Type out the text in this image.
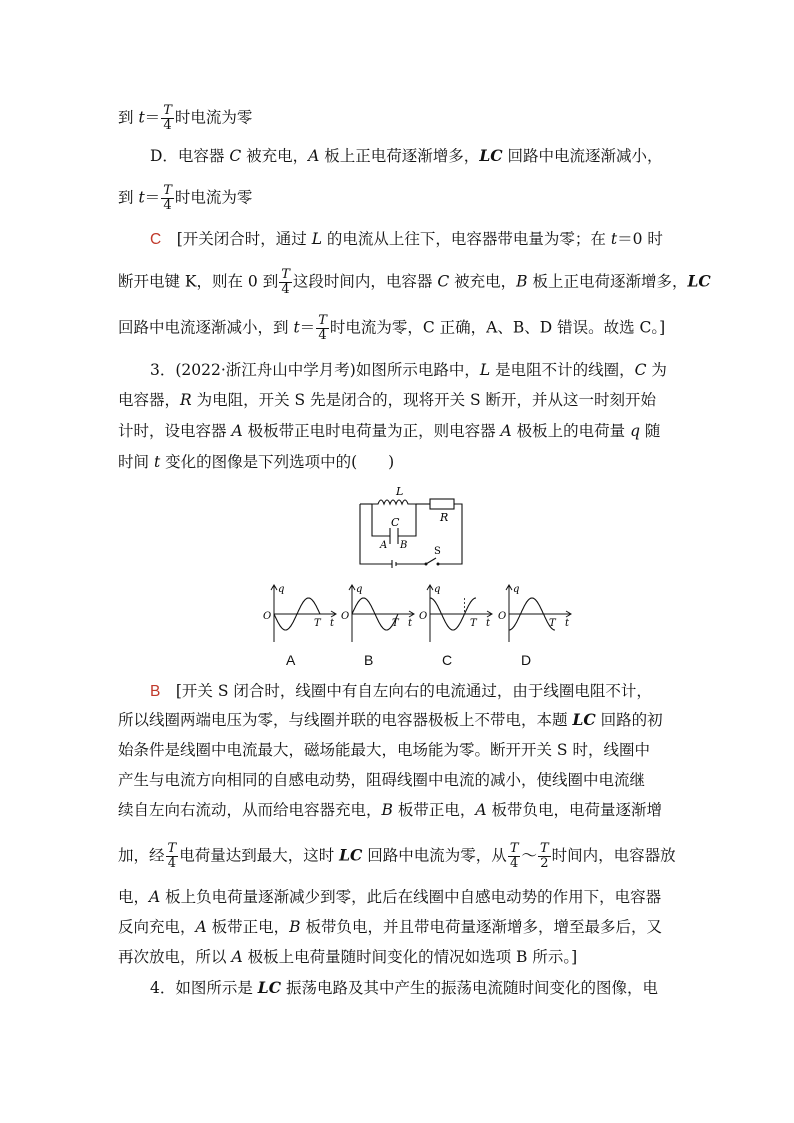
到 $t= \frac{T}{4}$ 时电流为零
D．电容器 C 被充电，A 板上正电荷逐渐增多，LC 回路中电流逐渐减小，
到 $t= \frac{T}{4}$ 时电流为零
C　 [开关闭合时，通过 L 的电流从上往下，电容器带电量为零；在 t＝0 时
断开电键 K，则在 0 到 $\frac{T}{4}$ 这段时间内，电容器 C 被充电，B 板上正电荷逐渐增多，LC
回路中电流逐渐减小，到 $t= \frac{T}{4}$ 时电流为零，C 正确，A、B、D 错误。故选 C。]
3．(2022·浙江舟山中学月考)如图所示电路中，L 是电阻不计的线圈，C 为
电容器，R 为电阻，开关 S 先是闭合的，现将开关 S 断开，并从这一时刻开始
计时，设电容器 A 极板带正电时电荷量为正，则电容器 A 极板上的电荷量 q 随
时间 t 变化的图像是下列选项中的(　　)
L
R
C
A B
S
q
O
T t
A
q
O
T t
B
q
O
T t
C
q
O
T t
D
B　 [开关 S 闭合时，线圈中有自左向右的电流通过，由于线圈电阻不计，
所以线圈两端电压为零，与线圈并联的电容器极板上不带电，本题 LC 回路的初
始条件是线圈中电流最大，磁场能最大，电场能为零。断开开关 S 时，线圈中
产生与电流方向相同的自感电动势，阻碍线圈中电流的减小，使线圈中电流继
续自左向右流动，从而给电容器充电，B 板带正电，A 板带负电，电荷量逐渐增
加，经 $\frac{T}{4}$ 电荷量达到最大，这时 LC 回路中电流为零，从 $\frac{T}{4}$ ～ $\frac{T}{2}$ 时间内，电容器放
电，A 板上负电荷量逐渐减少到零，此后在线圈中自感电动势的作用下，电容器
反向充电，A 板带正电，B 板带负电，并且带电荷量逐渐增多，增至最多后，又
再次放电，所以 A 极板上电荷量随时间变化的情况如选项 B 所示。]
4．如图所示是 LC 振荡电路及其中产生的振荡电流随时间变化的图像，电
